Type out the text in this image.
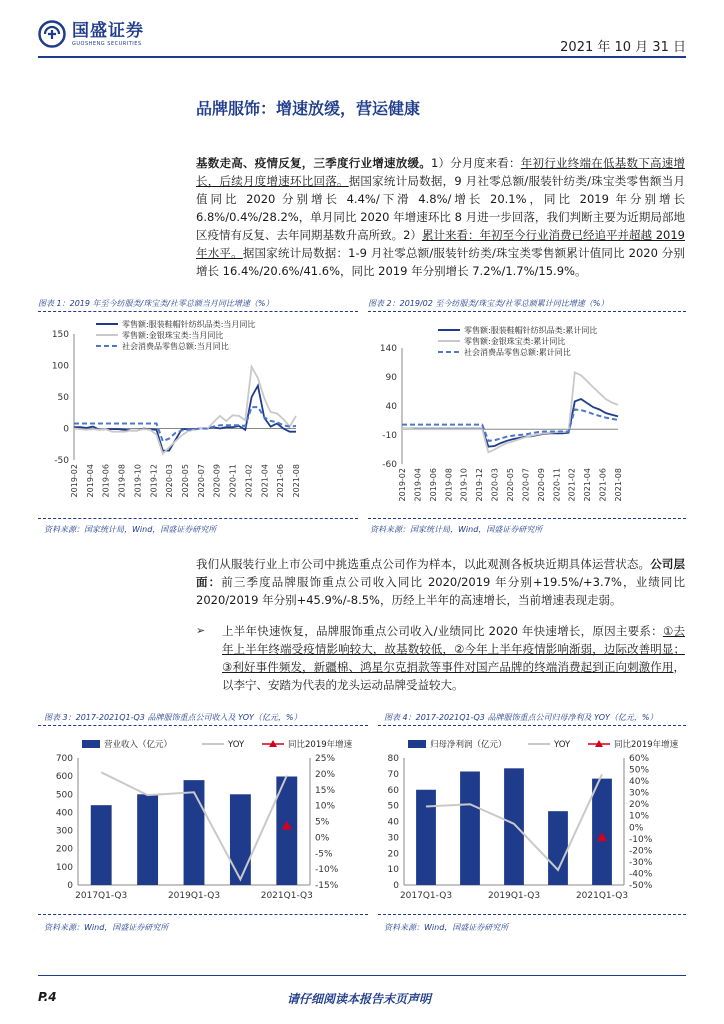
国盛证券
GUOSHENG SECURITIES	2021 年 10 月 31 日
品牌服饰：增速放缓，营运健康
基数走高、疫情反复，三季度行业增速放缓。1）分月度来看：年初行业终端在低基数下高速增长，后续月度增速环比回落。据国家统计局数据，9 月社零总额/服装针纺类/珠宝类零售额当月值同比 2020 分别增长 4.4%/下滑 4.8%/增长 20.1%，同比 2019 年分别增长 6.8%/0.4%/28.2%，单月同比 2020 年增速环比 8 月进一步回落，我们判断主要为近期局部地区疫情有反复、去年同期基数升高所致。2）累计来看：年初至今行业消费已经追平并超越 2019 年水平。据国家统计局数据：1-9 月社零总额/服装针纺类/珠宝类零售额累计值同比 2020 分别增长 16.4%/20.6%/41.6%，同比 2019 年分别增长 7.2%/1.7%/15.9%。
图表 1：2019 年至今纺服类/珠宝类/社零总额当月同比增速（%）	图表 2：2019/02 至今纺服类/珠宝类/社零总额累计同比增速（%）
-50
0
50
100
150
2019-02 2019-04 2019-06 2019-08 2019-10 2019-12 2020-03 2020-05 2020-07 2020-09 2020-11 2021-02 2021-04 2021-06 2021-08
零售额:服装鞋帽针纺织品类:当月同比
零售额:金银珠宝类:当月同比
社会消费品零售总额:当月同比
-60
-10
40
90
140
2019-02 2019-04 2019-06 2019-08 2019-10 2019-12 2020-03 2020-05 2020-07 2020-09 2020-11 2021-02 2021-04 2021-06 2021-08
零售额:服装鞋帽针纺织品类:累计同比
零售额:金银珠宝类:累计同比
社会消费品零售总额:累计同比
资料来源：国家统计局，Wind，国盛证券研究所	资料来源：国家统计局，Wind，国盛证券研究所
我们从服装行业上市公司中挑选重点公司作为样本，以此观测各板块近期具体运营状态。公司层面：前三季度品牌服饰重点公司收入同比 2020/2019 年分别+19.5%/+3.7%，业绩同比 2020/2019 年分别+45.9%/-8.5%，历经上半年的高速增长，当前增速表现走弱。
➢	上半年快速恢复，品牌服饰重点公司收入/业绩同比 2020 年快速增长，原因主要系：①去年上半年终端受疫情影响较大，故基数较低，②今年上半年疫情影响渐弱，边际改善明显；③利好事件频发，新疆棉、鸿星尔克捐款等事件对国产品牌的终端消费起到正向刺激作用，以李宁、安踏为代表的龙头运动品牌受益较大。
图表 3：2017-2021Q1-Q3 品牌服饰重点公司收入及 YOY（亿元，%）	图表 4：2017-2021Q1-Q3 品牌服饰重点公司归母净利及 YOY（亿元，%）
0
100
200
300
400
500
600
700
-15%
-10%
-5%
0%
5%
10%
15%
20%
25%
2017Q1-Q3	2019Q1-Q3	2021Q1-Q3
营业收入（亿元）	YOY	同比2019年增速
0
10
20
30
40
50
60
70
80
-50%
-40%
-30%
-20%
-10%
0%
10%
20%
30%
40%
50%
60%
2017Q1-Q3	2019Q1-Q3	2021Q1-Q3
归母净利润（亿元）	YOY	同比2019年增速
资料来源：Wind，国盛证券研究所	资料来源：Wind，国盛证券研究所
P.4	请仔细阅读本报告末页声明
